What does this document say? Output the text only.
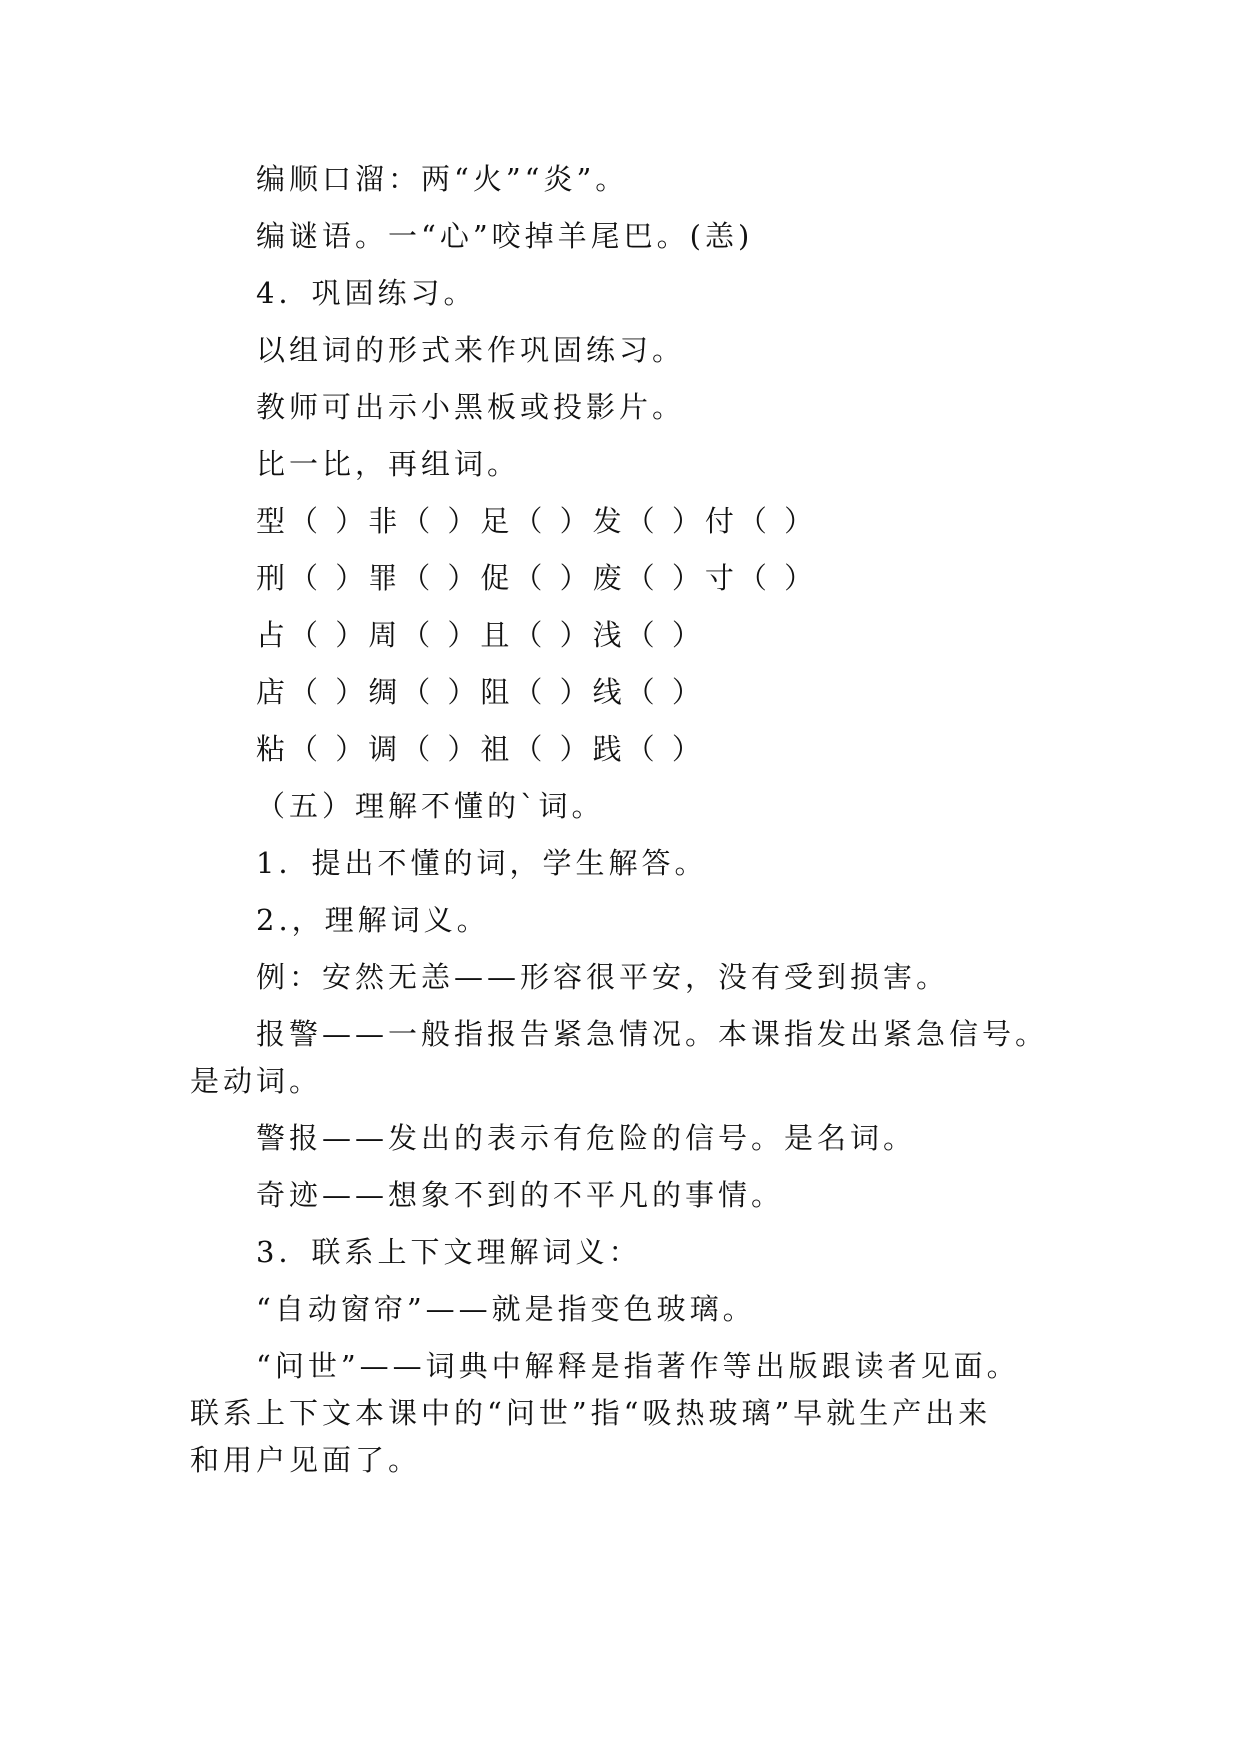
编顺口溜：两“火”“炎”。
编谜语。一“心”咬掉羊尾巴。(恙)
4．巩固练习。
以组词的形式来作巩固练习。
教师可出示小黑板或投影片。
比一比，再组词。
型（ ）非（ ）足（ ）发（ ）付（ ）
刑（ ）罪（ ）促（ ）废（ ）寸（ ）
占（ ）周（ ）且（ ）浅（ ）
店（ ）绸（ ）阻（ ）线（ ）
粘（ ）调（ ）祖（ ）践（ ）
（五）理解不懂的`词。
1．提出不懂的词，学生解答。
2.，理解词义。
例：安然无恙——形容很平安，没有受到损害。
报警——一般指报告紧急情况。本课指发出紧急信号。
是动词。
警报——发出的表示有危险的信号。是名词。
奇迹——想象不到的不平凡的事情。
3．联系上下文理解词义：
“自动窗帘”——就是指变色玻璃。
“问世”——词典中解释是指著作等出版跟读者见面。
联系上下文本课中的“问世”指“吸热玻璃”早就生产出来
和用户见面了。
